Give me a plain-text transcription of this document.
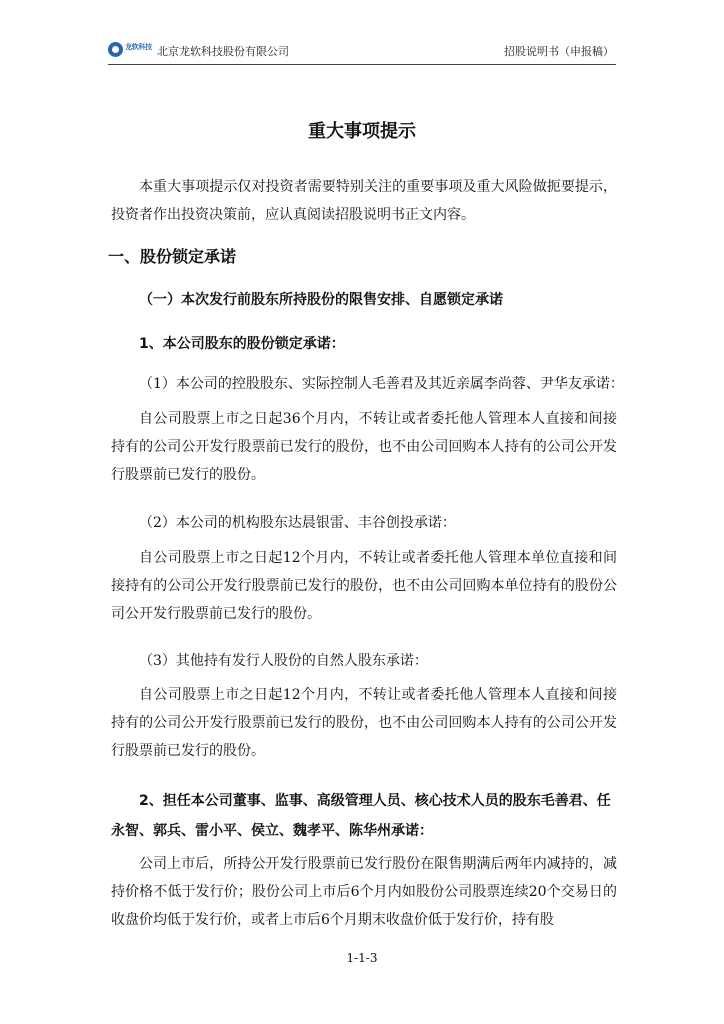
龙软科技 北京龙软科技股份有限公司	招股说明书（申报稿）
重大事项提示

本重大事项提示仅对投资者需要特别关注的重要事项及重大风险做扼要提示，投资者作出投资决策前，应认真阅读招股说明书正文内容。

一、股份锁定承诺
（一）本次发行前股东所持股份的限售安排、自愿锁定承诺
1、本公司股东的股份锁定承诺：

（1）本公司的控股股东、实际控制人毛善君及其近亲属李尚蓉、尹华友承诺：

自公司股票上市之日起36个月内，不转让或者委托他人管理本人直接和间接持有的公司公开发行股票前已发行的股份，也不由公司回购本人持有的公司公开发行股票前已发行的股份。

（2）本公司的机构股东达晨银雷、丰谷创投承诺：

自公司股票上市之日起12个月内，不转让或者委托他人管理本单位直接和间接持有的公司公开发行股票前已发行的股份，也不由公司回购本单位持有的股份公司公开发行股票前已发行的股份。

（3）其他持有发行人股份的自然人股东承诺：

自公司股票上市之日起12个月内，不转让或者委托他人管理本人直接和间接持有的公司公开发行股票前已发行的股份，也不由公司回购本人持有的公司公开发行股票前已发行的股份。

2、担任本公司董事、监事、高级管理人员、核心技术人员的股东毛善君、任永智、郭兵、雷小平、侯立、魏孝平、陈华州承诺：

公司上市后，所持公开发行股票前已发行股份在限售期满后两年内减持的，减持价格不低于发行价；股份公司上市后6个月内如股份公司股票连续20个交易日的收盘价均低于发行价，或者上市后6个月期末收盘价低于发行价，持有股

1-1-3
